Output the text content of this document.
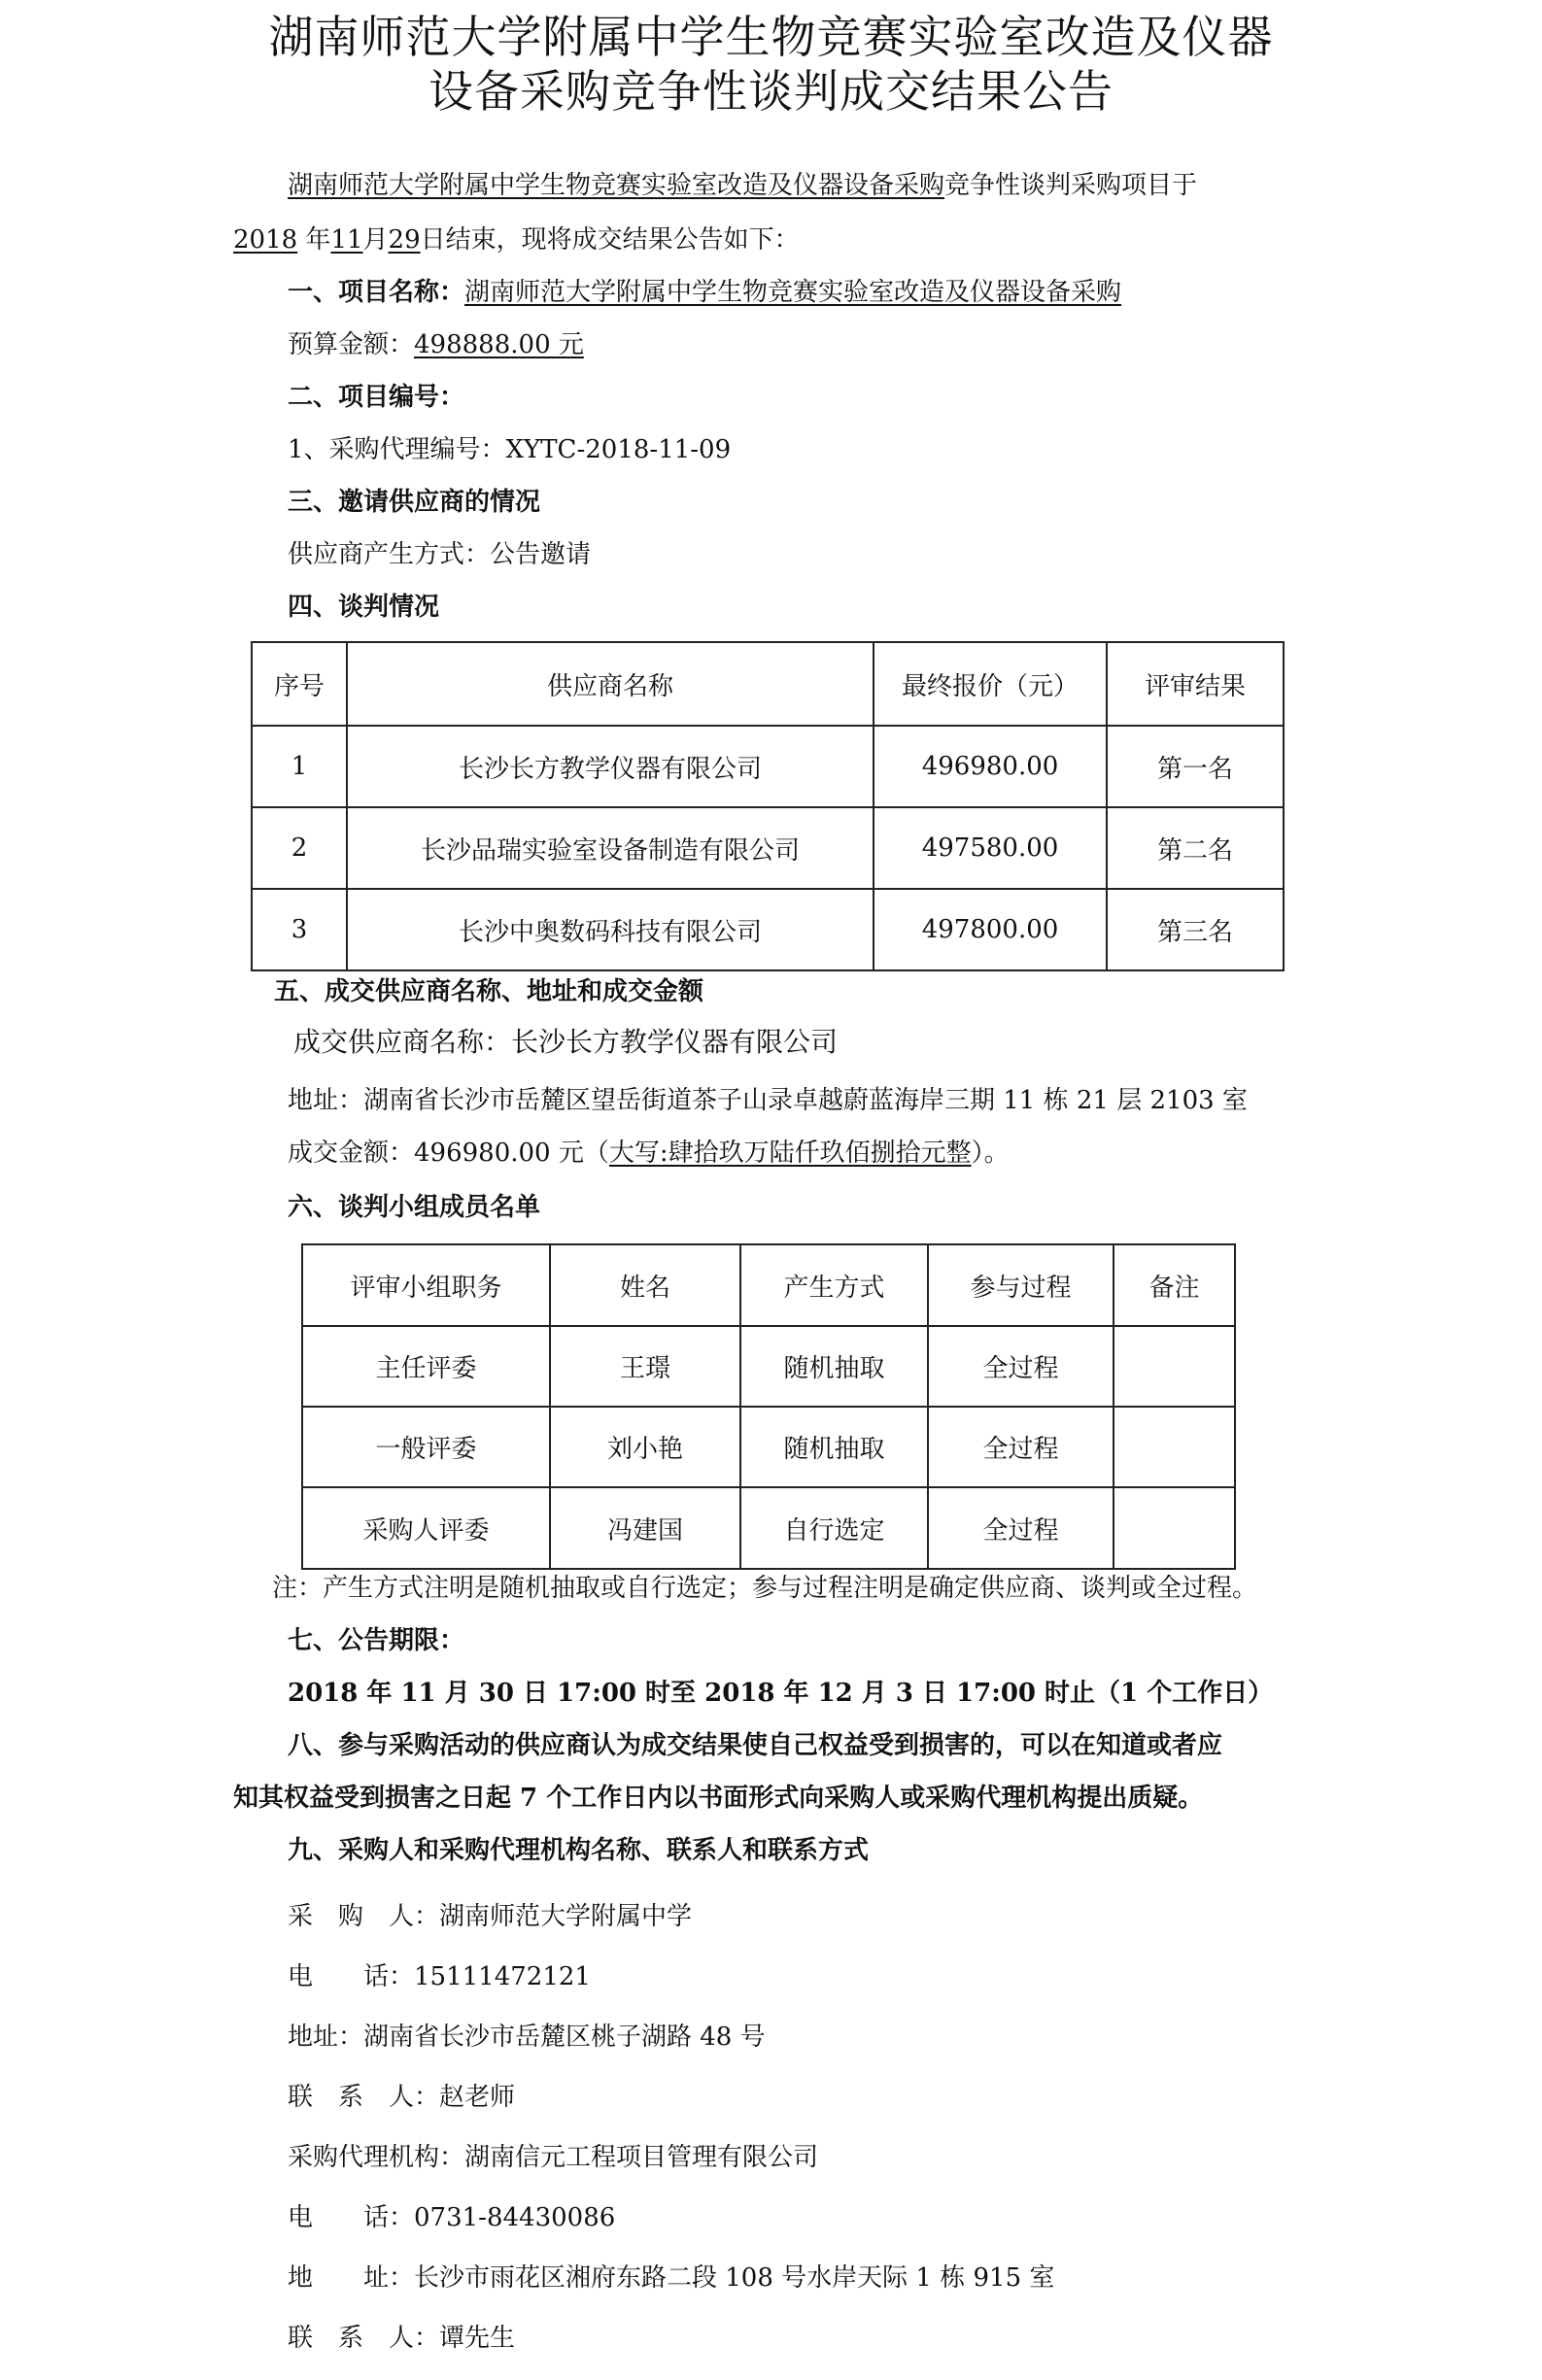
湖南师范大学附属中学生物竞赛实验室改造及仪器
设备采购竞争性谈判成交结果公告
湖南师范大学附属中学生物竞赛实验室改造及仪器设备采购竞争性谈判采购项目于
2018 年11月29日结束，现将成交结果公告如下：
一、项目名称：湖南师范大学附属中学生物竞赛实验室改造及仪器设备采购
预算金额：498888.00 元
二、项目编号：
1、采购代理编号：XYTC-2018-11-09
三、邀请供应商的情况
供应商产生方式：公告邀请
四、谈判情况
序号	供应商名称	最终报价（元）	评审结果
1	长沙长方教学仪器有限公司	496980.00	第一名
2	长沙品瑞实验室设备制造有限公司	497580.00	第二名
3	长沙中奥数码科技有限公司	497800.00	第三名
五、成交供应商名称、地址和成交金额
成交供应商名称：长沙长方教学仪器有限公司
地址：湖南省长沙市岳麓区望岳街道茶子山录卓越蔚蓝海岸三期 11 栋 21 层 2103 室
成交金额：496980.00 元（大写:肆拾玖万陆仟玖佰捌拾元整）。
六、谈判小组成员名单
评审小组职务	姓名	产生方式	参与过程	备注
主任评委	王璟	随机抽取	全过程	
一般评委	刘小艳	随机抽取	全过程	
采购人评委	冯建国	自行选定	全过程	
注：产生方式注明是随机抽取或自行选定；参与过程注明是确定供应商、谈判或全过程。
七、公告期限：
2018 年 11 月 30 日 17:00 时至 2018 年 12 月 3 日 17:00 时止（1 个工作日）
八、参与采购活动的供应商认为成交结果使自己权益受到损害的，可以在知道或者应
知其权益受到损害之日起 7 个工作日内以书面形式向采购人或采购代理机构提出质疑。
九、采购人和采购代理机构名称、联系人和联系方式
采　购　人：湖南师范大学附属中学
电　　话：15111472121
地址：湖南省长沙市岳麓区桃子湖路 48 号
联　系　人：赵老师
采购代理机构：湖南信元工程项目管理有限公司
电　　话：0731-84430086
地　　址：长沙市雨花区湘府东路二段 108 号水岸天际 1 栋 915 室
联　系　人：谭先生
